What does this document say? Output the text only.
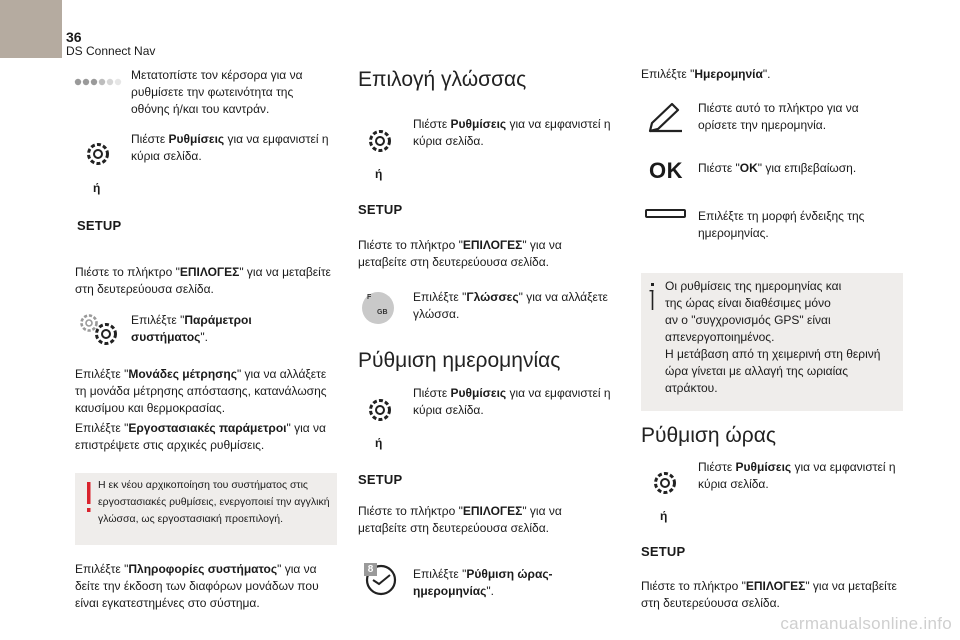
36
DS Connect Nav
Μετατοπίστε τον κέρσορα για να ρυθμίσετε την φωτεινότητα της οθόνης ή/και του καντράν.
Πιέστε Ρυθμίσεις για να εμφανιστεί η κύρια σελίδα.
ή
SETUP
Πιέστε το πλήκτρο "ΕΠΙΛΟΓΕΣ" για να μεταβείτε στη δευτερεύουσα σελίδα.
Επιλέξτε "Παράμετροι συστήματος".
Επιλέξτε "Μονάδες μέτρησης" για να αλλάξετε τη μονάδα μέτρησης απόστασης, κατανάλωσης καυσίμου και θερμοκρασίας.
Επιλέξτε "Εργοστασιακές παράμετροι" για να επιστρέψετε στις αρχικές ρυθμίσεις.
Η εκ νέου αρχικοποίηση του συστήματος στις εργοστασιακές ρυθμίσεις, ενεργοποιεί την αγγλική γλώσσα, ως εργοστασιακή προεπιλογή.
Επιλέξτε "Πληροφορίες συστήματος" για να δείτε την έκδοση των διαφόρων μονάδων που είναι εγκατεστημένες στο σύστημα.
Επιλογή γλώσσας
Πιέστε Ρυθμίσεις για να εμφανιστεί η κύρια σελίδα.
ή
SETUP
Πιέστε το πλήκτρο "ΕΠΙΛΟΓΕΣ" για να μεταβείτε στη δευτερεύουσα σελίδα.
F
GB
Επιλέξτε "Γλώσσες" για να αλλάξετε γλώσσα.
Ρύθμιση ημερομηνίας
Πιέστε Ρυθμίσεις για να εμφανιστεί η κύρια σελίδα.
ή
SETUP
Πιέστε το πλήκτρο "ΕΠΙΛΟΓΕΣ" για να μεταβείτε στη δευτερεύουσα σελίδα.
8	Επιλέξτε "Ρύθμιση ώρας-ημερομηνίας".
Επιλέξτε "Ημερομηνία".
Πιέστε αυτό το πλήκτρο για να ορίσετε την ημερομηνία.
OK Πιέστε "OK" για επιβεβαίωση.
Επιλέξτε τη μορφή ένδειξης της ημερομηνίας.
Οι ρυθμίσεις της ημερομηνίας και
της ώρας είναι διαθέσιμες μόνο
αν ο "συγχρονισμός GPS" είναι
απενεργοποιημένος.
Η μετάβαση από τη χειμερινή στη θερινή
ώρα γίνεται με αλλαγή της ωριαίας
ατράκτου.
Ρύθμιση ώρας
Πιέστε Ρυθμίσεις για να εμφανιστεί η κύρια σελίδα.
ή
SETUP
Πιέστε το πλήκτρο "ΕΠΙΛΟΓΕΣ" για να μεταβείτε στη δευτερεύουσα σελίδα.
carmanualsonline.info
